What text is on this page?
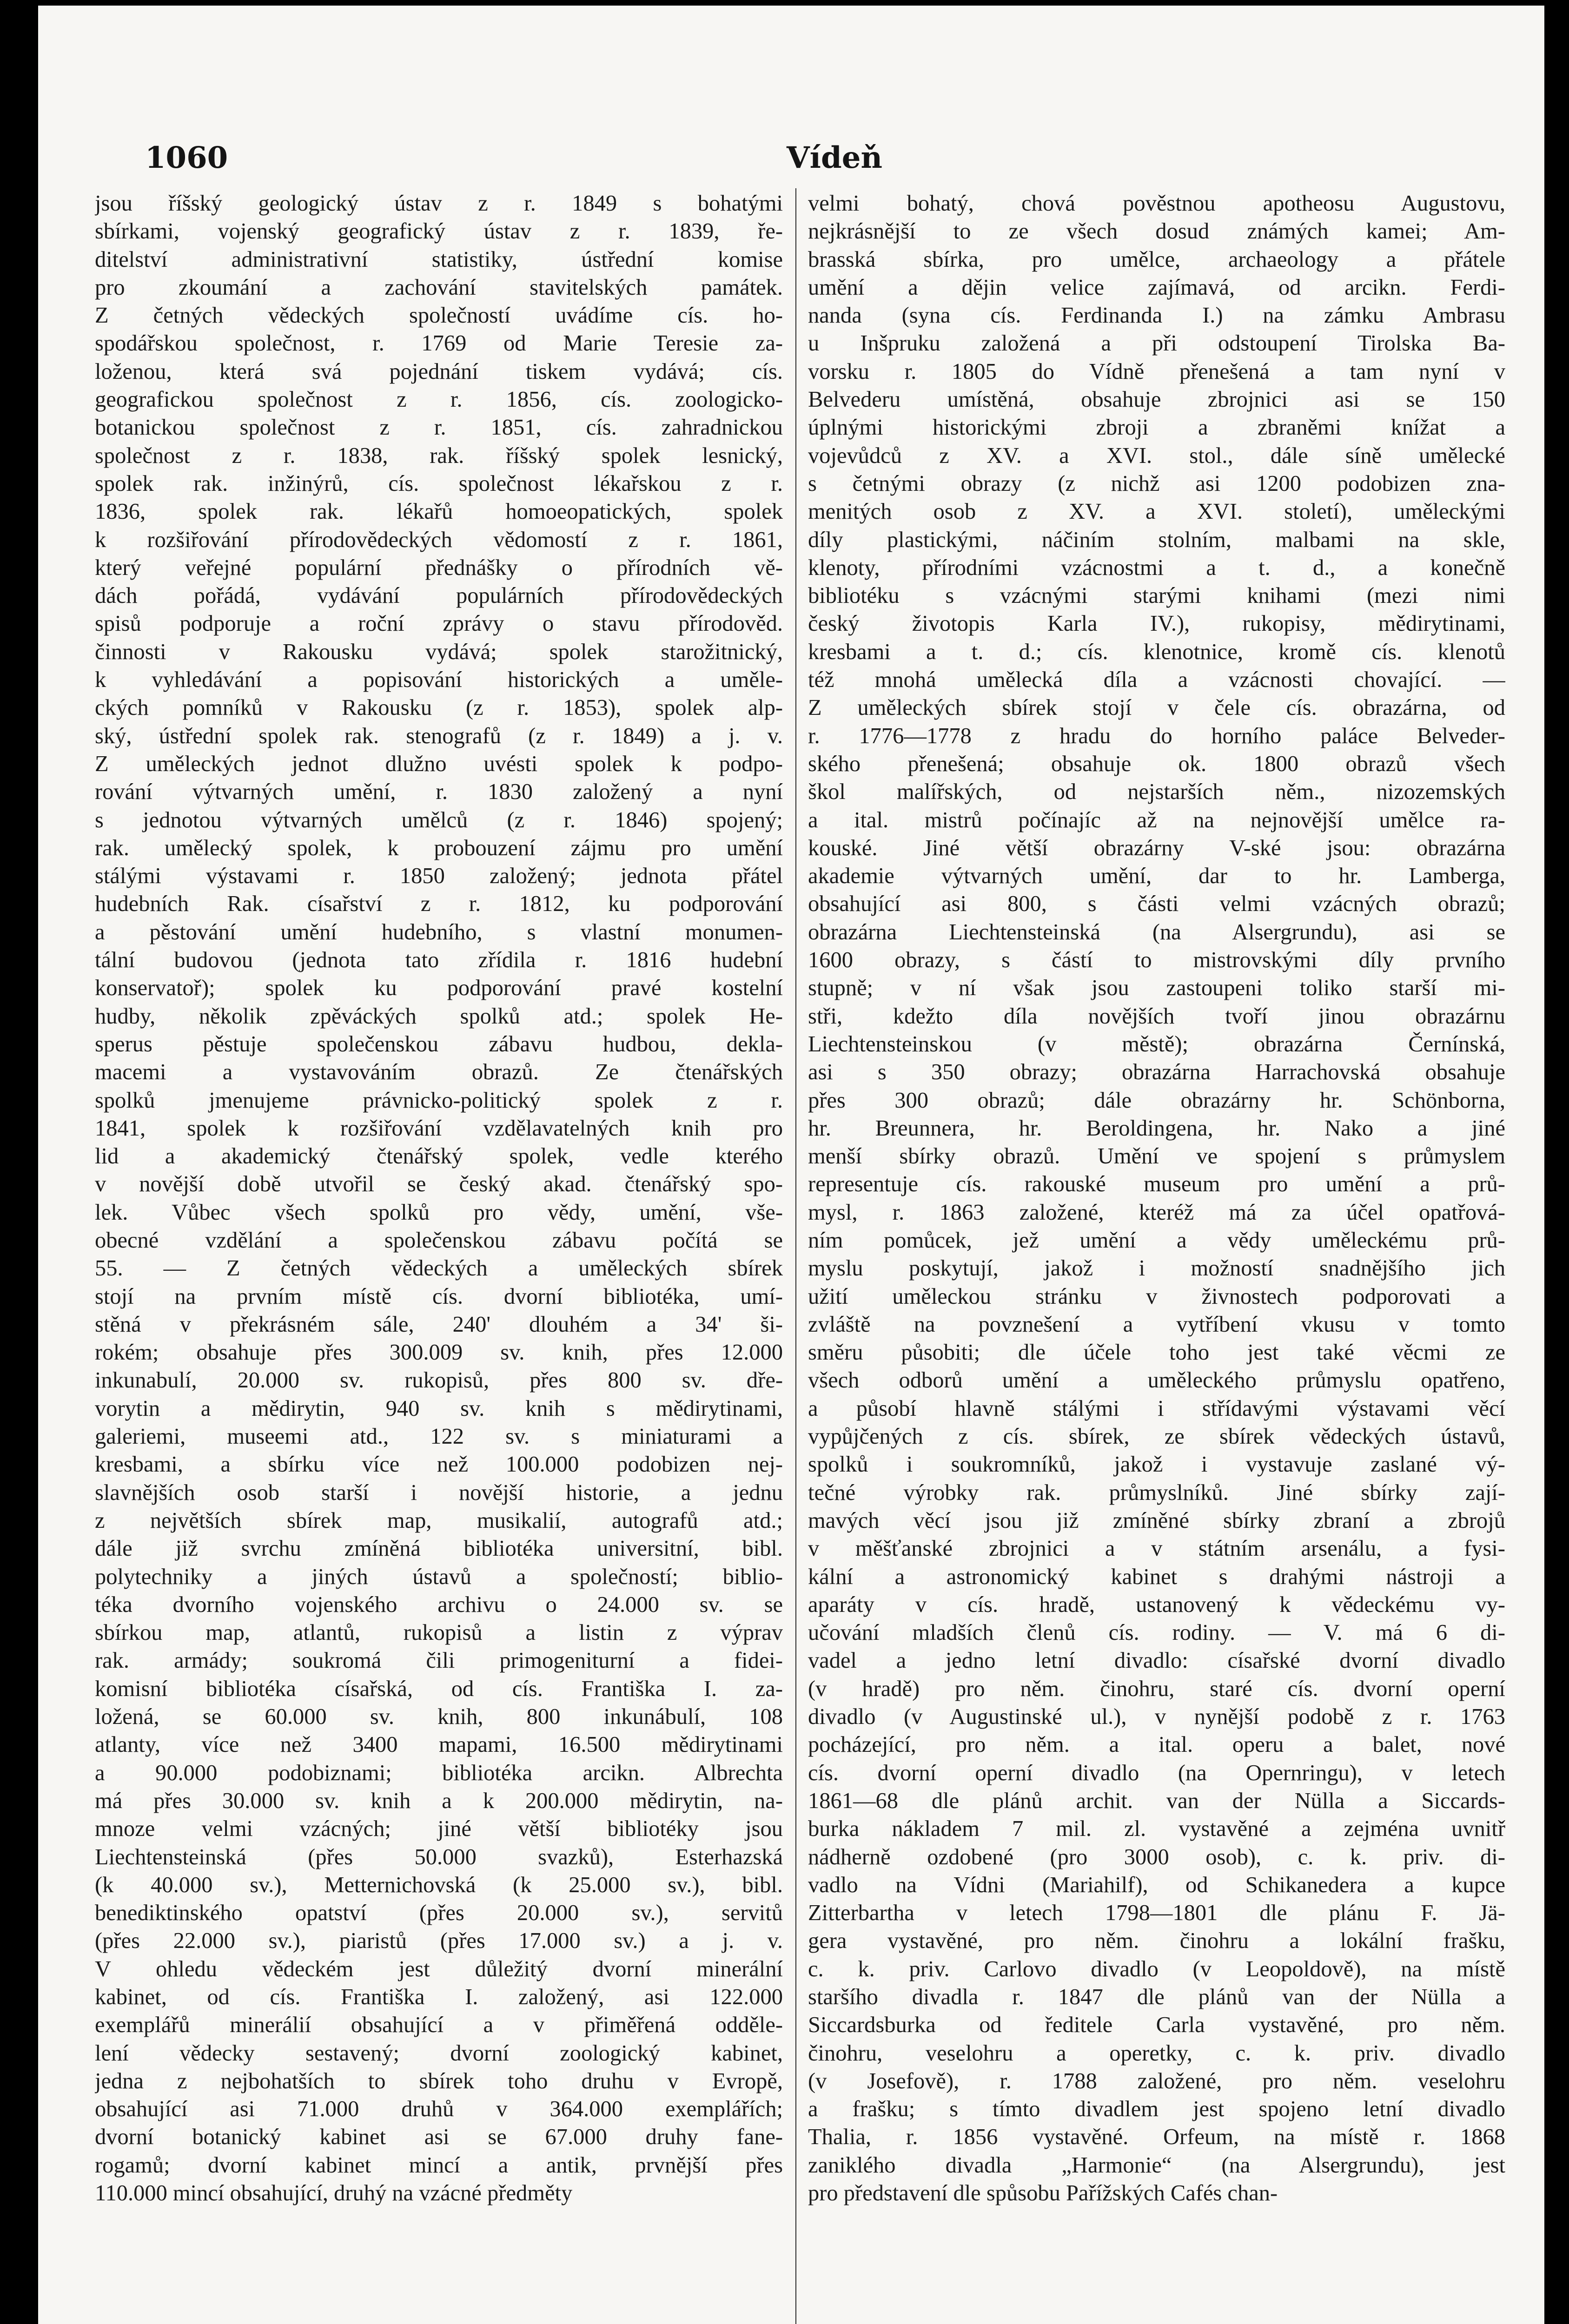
1060	Vídeň
jsou říšský geologický ústav z r. 1849 s bohatými
sbírkami, vojenský geografický ústav z r. 1839, ře-
ditelství administrativní statistiky, ústřední komise
pro zkoumání a zachování stavitelských památek.
Z četných vědeckých společností uvádíme cís. ho-
spodářskou společnost, r. 1769 od Marie Teresie za-
loženou, která svá pojednání tiskem vydává; cís.
geografickou společnost z r. 1856, cís. zoologicko-
botanickou společnost z r. 1851, cís. zahradnickou
společnost z r. 1838, rak. říšský spolek lesnický,
spolek rak. inžinýrů, cís. společnost lékařskou z r.
1836, spolek rak. lékařů homoeopatických, spolek
k rozšiřování přírodovědeckých vědomostí z r. 1861,
který veřejné populární přednášky o přírodních vě-
dách pořádá, vydávání populárních přírodovědeckých
spisů podporuje a roční zprávy o stavu přírodověd.
činnosti v Rakousku vydává; spolek starožitnický,
k vyhledávání a popisování historických a uměle-
ckých pomníků v Rakousku (z r. 1853), spolek alp-
ský, ústřední spolek rak. stenografů (z r. 1849) a j. v.
Z uměleckých jednot dlužno uvésti spolek k podpo-
rování výtvarných umění, r. 1830 založený a nyní
s jednotou výtvarných umělců (z r. 1846) spojený;
rak. umělecký spolek, k probouzení zájmu pro umění
stálými výstavami r. 1850 založený; jednota přátel
hudebních Rak. císařství z r. 1812, ku podporování
a pěstování umění hudebního, s vlastní monumen-
tální budovou (jednota tato zřídila r. 1816 hudební
konservatoř); spolek ku podporování pravé kostelní
hudby, několik zpěváckých spolků atd.; spolek He-
sperus pěstuje společenskou zábavu hudbou, dekla-
macemi a vystavováním obrazů. Ze čtenářských
spolků jmenujeme právnicko-politický spolek z r.
1841, spolek k rozšiřování vzdělavatelných knih pro
lid a akademický čtenářský spolek, vedle kterého
v novější době utvořil se český akad. čtenářský spo-
lek. Vůbec všech spolků pro vědy, umění, vše-
obecné vzdělání a společenskou zábavu počítá se
55. — Z četných vědeckých a uměleckých sbírek
stojí na prvním místě cís. dvorní bibliotéka, umí-
stěná v překrásném sále, 240' dlouhém a 34' ši-
rokém; obsahuje přes 300.009 sv. knih, přes 12.000
inkunabulí, 20.000 sv. rukopisů, přes 800 sv. dře-
vorytin a mědirytin, 940 sv. knih s mědirytinami,
galeriemi, museemi atd., 122 sv. s miniaturami a
kresbami, a sbírku více než 100.000 podobizen nej-
slavnějších osob starší i novější historie, a jednu
z největších sbírek map, musikalií, autografů atd.;
dále již svrchu zmíněná bibliotéka universitní, bibl.
polytechniky a jiných ústavů a společností; biblio-
téka dvorního vojenského archivu o 24.000 sv. se
sbírkou map, atlantů, rukopisů a listin z výprav
rak. armády; soukromá čili primogeniturní a fidei-
komisní bibliotéka císařská, od cís. Františka I. za-
ložená, se 60.000 sv. knih, 800 inkunábulí, 108
atlanty, více než 3400 mapami, 16.500 mědirytinami
a 90.000 podobiznami; bibliotéka arcikn. Albrechta
má přes 30.000 sv. knih a k 200.000 mědirytin, na-
mnoze velmi vzácných; jiné větší bibliotéky jsou
Liechtensteinská (přes 50.000 svazků), Esterhazská
(k 40.000 sv.), Metternichovská (k 25.000 sv.), bibl.
benediktinského opatství (přes 20.000 sv.), servitů
(přes 22.000 sv.), piaristů (přes 17.000 sv.) a j. v.
V ohledu vědeckém jest důležitý dvorní minerální
kabinet, od cís. Františka I. založený, asi 122.000
exemplářů minerálií obsahující a v přiměřená odděle-
lení vědecky sestavený; dvorní zoologický kabinet,
jedna z nejbohatších to sbírek toho druhu v Evropě,
obsahující asi 71.000 druhů v 364.000 exemplářích;
dvorní botanický kabinet asi se 67.000 druhy fane-
rogamů; dvorní kabinet mincí a antik, prvnější přes
110.000 mincí obsahující, druhý na vzácné předměty
velmi bohatý, chová pověstnou apotheosu Augustovu,
nejkrásnější to ze všech dosud známých kamei; Am-
brasská sbírka, pro umělce, archaeology a přátele
umění a dějin velice zajímavá, od arcikn. Ferdi-
nanda (syna cís. Ferdinanda I.) na zámku Ambrasu
u Inšpruku založená a při odstoupení Tirolska Ba-
vorsku r. 1805 do Vídně přenešená a tam nyní v
Belvederu umístěná, obsahuje zbrojnici asi se 150
úplnými historickými zbroji a zbraněmi knížat a
vojevůdců z XV. a XVI. stol., dále síně umělecké
s četnými obrazy (z nichž asi 1200 podobizen zna-
menitých osob z XV. a XVI. století), uměleckými
díly plastickými, náčiním stolním, malbami na skle,
klenoty, přírodními vzácnostmi a t. d., a konečně
bibliotéku s vzácnými starými knihami (mezi nimi
český životopis Karla IV.), rukopisy, mědirytinami,
kresbami a t. d.; cís. klenotnice, kromě cís. klenotů
též mnohá umělecká díla a vzácnosti chovající. —
Z uměleckých sbírek stojí v čele cís. obrazárna, od
r. 1776—1778 z hradu do horního paláce Belveder-
ského přenešená; obsahuje ok. 1800 obrazů všech
škol malířských, od nejstarších něm., nizozemských
a ital. mistrů počínajíc až na nejnovější umělce ra-
kouské. Jiné větší obrazárny V-ské jsou: obrazárna
akademie výtvarných umění, dar to hr. Lamberga,
obsahující asi 800, s části velmi vzácných obrazů;
obrazárna Liechtensteinská (na Alsergrundu), asi se
1600 obrazy, s částí to mistrovskými díly prvního
stupně; v ní však jsou zastoupeni toliko starší mi-
stři, kdežto díla novějších tvoří jinou obrazárnu
Liechtensteinskou (v městě); obrazárna Černínská,
asi s 350 obrazy; obrazárna Harrachovská obsahuje
přes 300 obrazů; dále obrazárny hr. Schönborna,
hr. Breunnera, hr. Beroldingena, hr. Nako a jiné
menší sbírky obrazů. Umění ve spojení s průmyslem
representuje cís. rakouské museum pro umění a prů-
mysl, r. 1863 založené, kteréž má za účel opatřová-
ním pomůcek, jež umění a vědy uměleckému prů-
myslu poskytují, jakož i možností snadnějšího jich
užití uměleckou stránku v živnostech podporovati a
zvláště na povznešení a vytříbení vkusu v tomto
směru působiti; dle účele toho jest také věcmi ze
všech odborů umění a uměleckého průmyslu opatřeno,
a působí hlavně stálými i střídavými výstavami věcí
vypůjčených z cís. sbírek, ze sbírek vědeckých ústavů,
spolků i soukromníků, jakož i vystavuje zaslané vý-
tečné výrobky rak. průmyslníků. Jiné sbírky zají-
mavých věcí jsou již zmíněné sbírky zbraní a zbrojů
v měšťanské zbrojnici a v státním arsenálu, a fysi-
kální a astronomický kabinet s drahými nástroji a
aparáty v cís. hradě, ustanovený k vědeckému vy-
učování mladších členů cís. rodiny. — V. má 6 di-
vadel a jedno letní divadlo: císařské dvorní divadlo
(v hradě) pro něm. činohru, staré cís. dvorní operní
divadlo (v Augustinské ul.), v nynější podobě z r. 1763
pocházející, pro něm. a ital. operu a balet, nové
cís. dvorní operní divadlo (na Opernringu), v letech
1861—68 dle plánů archit. van der Nülla a Siccards-
burka nákladem 7 mil. zl. vystavěné a zejména uvnitř
nádherně ozdobené (pro 3000 osob), c. k. priv. di-
vadlo na Vídni (Mariahilf), od Schikanedera a kupce
Zitterbartha v letech 1798—1801 dle plánu F. Jä-
gera vystavěné, pro něm. činohru a lokální frašku,
c. k. priv. Carlovo divadlo (v Leopoldově), na místě
staršího divadla r. 1847 dle plánů van der Nülla a
Siccardsburka od ředitele Carla vystavěné, pro něm.
činohru, veselohru a operetky, c. k. priv. divadlo
(v Josefově), r. 1788 založené, pro něm. veselohru
a frašku; s tímto divadlem jest spojeno letní divadlo
Thalia, r. 1856 vystavěné. Orfeum, na místě r. 1868
zaniklého divadla „Harmonie“ (na Alsergrundu), jest
pro představení dle spůsobu Pařížských Cafés chan-
